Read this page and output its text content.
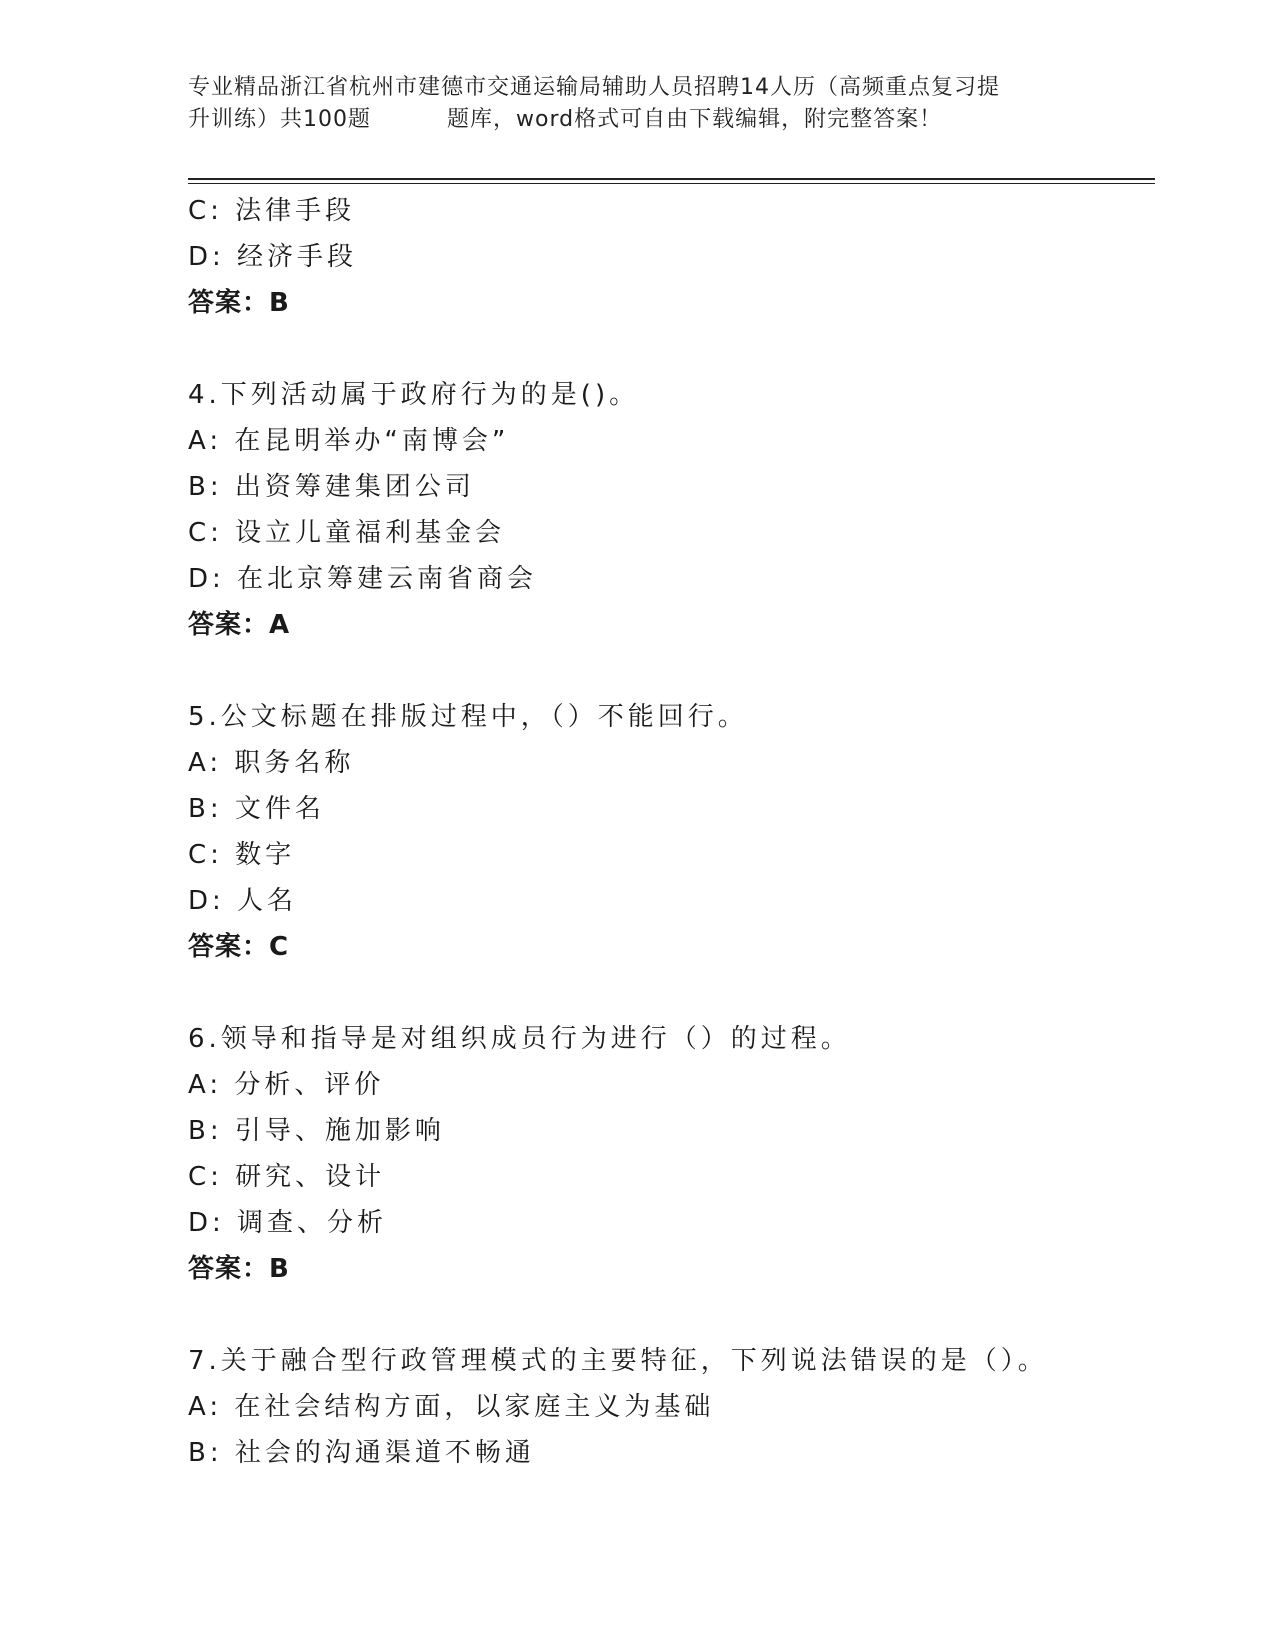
专业精品浙江省杭州市建德市交通运输局辅助人员招聘14人历（高频重点复习提
升训练）共100题	题库，word格式可自由下载编辑，附完整答案！
C: 法律手段
D: 经济手段
答案：B
4.下列活动属于政府行为的是()。
A: 在昆明举办“南博会”
B: 出资筹建集团公司
C: 设立儿童福利基金会
D: 在北京筹建云南省商会
答案：A
5.公文标题在排版过程中，（）不能回行。
A: 职务名称
B: 文件名
C: 数字
D: 人名
答案：C
6.领导和指导是对组织成员行为进行（）的过程。
A: 分析、评价
B: 引导、施加影响
C: 研究、设计
D: 调查、分析
答案：B
7.关于融合型行政管理模式的主要特征，下列说法错误的是（）。
A: 在社会结构方面，以家庭主义为基础
B: 社会的沟通渠道不畅通
